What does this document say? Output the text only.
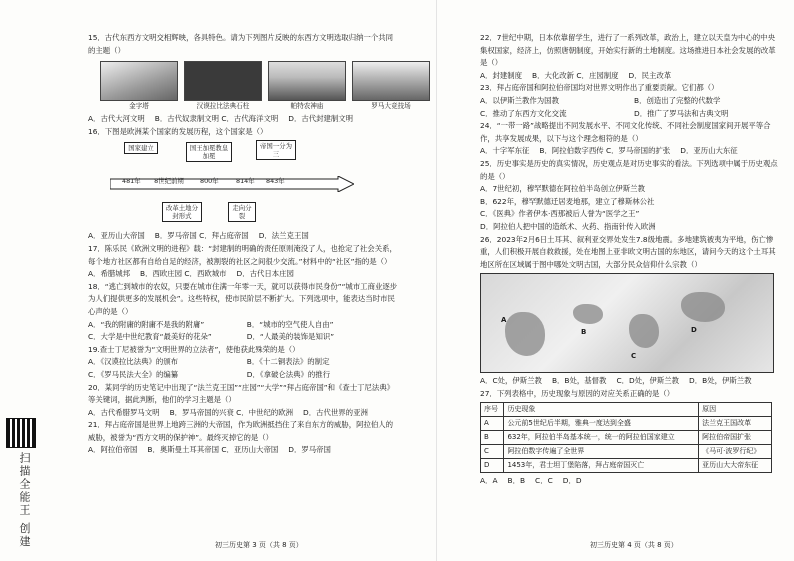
15．古代东西方文明交相辉映，各具特色。请为下列图片反映的东西方文明选取归纳一个共同的主题（）

金字塔	汉谟拉比法典石柱	帕特农神庙	罗马大竞技场
A．古代大河文明 B．古代奴隶制文明 C．古代海洋文明 D．古代封建制文明

16．下图是欧洲某个国家的发展历程，这个国家是（）

国家建立	国王加冕教皇加冕
帝国一分为三
481年 8世纪前期	800年	814年 843年
改革土地分封形式
走向分裂
A．亚历山大帝国 B．罗马帝国 C．拜占庭帝国 D．法兰克王国

17．陈乐民《欧洲文明的进程》载：“封建制的明确的责任原则淹没了人，也抢定了社会关系，每个地方社区都有自给自足的经济，被割裂的社区之间很少交流。”材料中的“社区”指的是（）

A．希腊城邦 B．西欧庄园 C．西欧城市 D．古代日本庄园

18．“逃亡到城市的农奴，只要在城市住满一年零一天，就可以获得市民身份”“城市工商业逐步为人们提供更多的发展机会”。这些特权，使市民阶层不断扩大。下列选项中，能表达当时市民心声的是（）

A．“我的附庸的附庸不是我的附庸”	B．“城市的空气使人自由”
C．大学是中世纪教育“最美好的花朵”	D．“人最美的装饰是知识”

19.查士丁尼被誉为“文明世界的立法者”，使他获此殊荣的是（）

A．《汉谟拉比法典》的颁布	B．《十二铜表法》的制定
C．《罗马民法大全》的编纂	D．《拿破仑法典》的推行

20．某同学的历史笔记中出现了“法兰克王国”“庄园”“大学”“拜占庭帝国”和《查士丁尼法典》等关键词，据此判断，他们的学习主题是（）

A．古代希腊罗马文明 B．罗马帝国的兴衰 C．中世纪的欧洲 D．古代世界的亚洲

21．拜占庭帝国是世界上地跨三洲的大帝国，作为欧洲抵挡住了来自东方的威胁，阿拉伯人的威胁，被誉为“西方文明的保护神”。最终灭掉它的是（）

A．阿拉伯帝国 B．奥斯曼土耳其帝国 C．亚历山大帝国 D．罗马帝国
初三历史第 3 页（共 8 页）

22．7世纪中期，日本依靠留学生，进行了一系列改革，政治上，建立以天皇为中心的中央集权国家，经济上，仿照唐朝制度，开始实行新的土地制度。这场推进日本社会发展的改革是（）

A．封建制度 B．大化改新 C．庄园制度 D．民主改革

23．拜占庭帝国和阿拉伯帝国均对世界文明作出了重要贡献。它们都（）

A．以伊斯兰教作为国教	B．创造出了完整的代数学
C．推动了东西方文化交流	D．推广了罗马法和古典文明

24．“一带一路”战略提出不同发展水平、不同文化传统、不同社会制度国家间开展平等合作，共享发展成果，以下与这个理念相符的是（）

A．十字军东征 B．阿拉伯数字西传 C．罗马帝国的扩张 D．亚历山大东征

25．历史事实是历史的真实情况，历史观点是对历史事实的看法。下列选项中属于历史观点的是（）

A．7世纪初，穆罕默德在阿拉伯半岛创立伊斯兰教
B．622年，穆罕默德迁居麦地那，建立了穆斯林公社
C．《医典》作者伊本·西那被后人誉为“医学之王”
D．阿拉伯人把中国的造纸术、火药、指南针传入欧洲

26．2023年2月6日土耳其、叙利亚交界处发生7.8级地震。多地建筑被夷为平地，伤亡惨重，人们积极开展自救救援，处在地图上亚非欧文明古国的东地区，请问今天的这个土耳其地区所在区域属于图中哪处文明古国，大部分民众信仰什么宗教（）

A
B
C
D
A．C处，伊斯兰教 B．B处，基督教 C．D处，伊斯兰教 D．B处，伊斯兰教

27．下列表格中，历史现象与原因的对应关系正确的是（）

序号	历史现象	原因
A	公元前5世纪后半期，雅典一度达到全盛	法兰克王国改革
B	632年，阿拉伯半岛基本统一，统一的阿拉伯国家建立	阿拉伯帝国扩张
C	阿拉伯数字传遍了全世界	《马可·波罗行纪》
D	1453年，君士坦丁堡陷落，拜占庭帝国灭亡	亚历山大大帝东征
A．A B．B C．C D．D
初三历史第 4 页（共 8 页）
扫描全能王 创建
